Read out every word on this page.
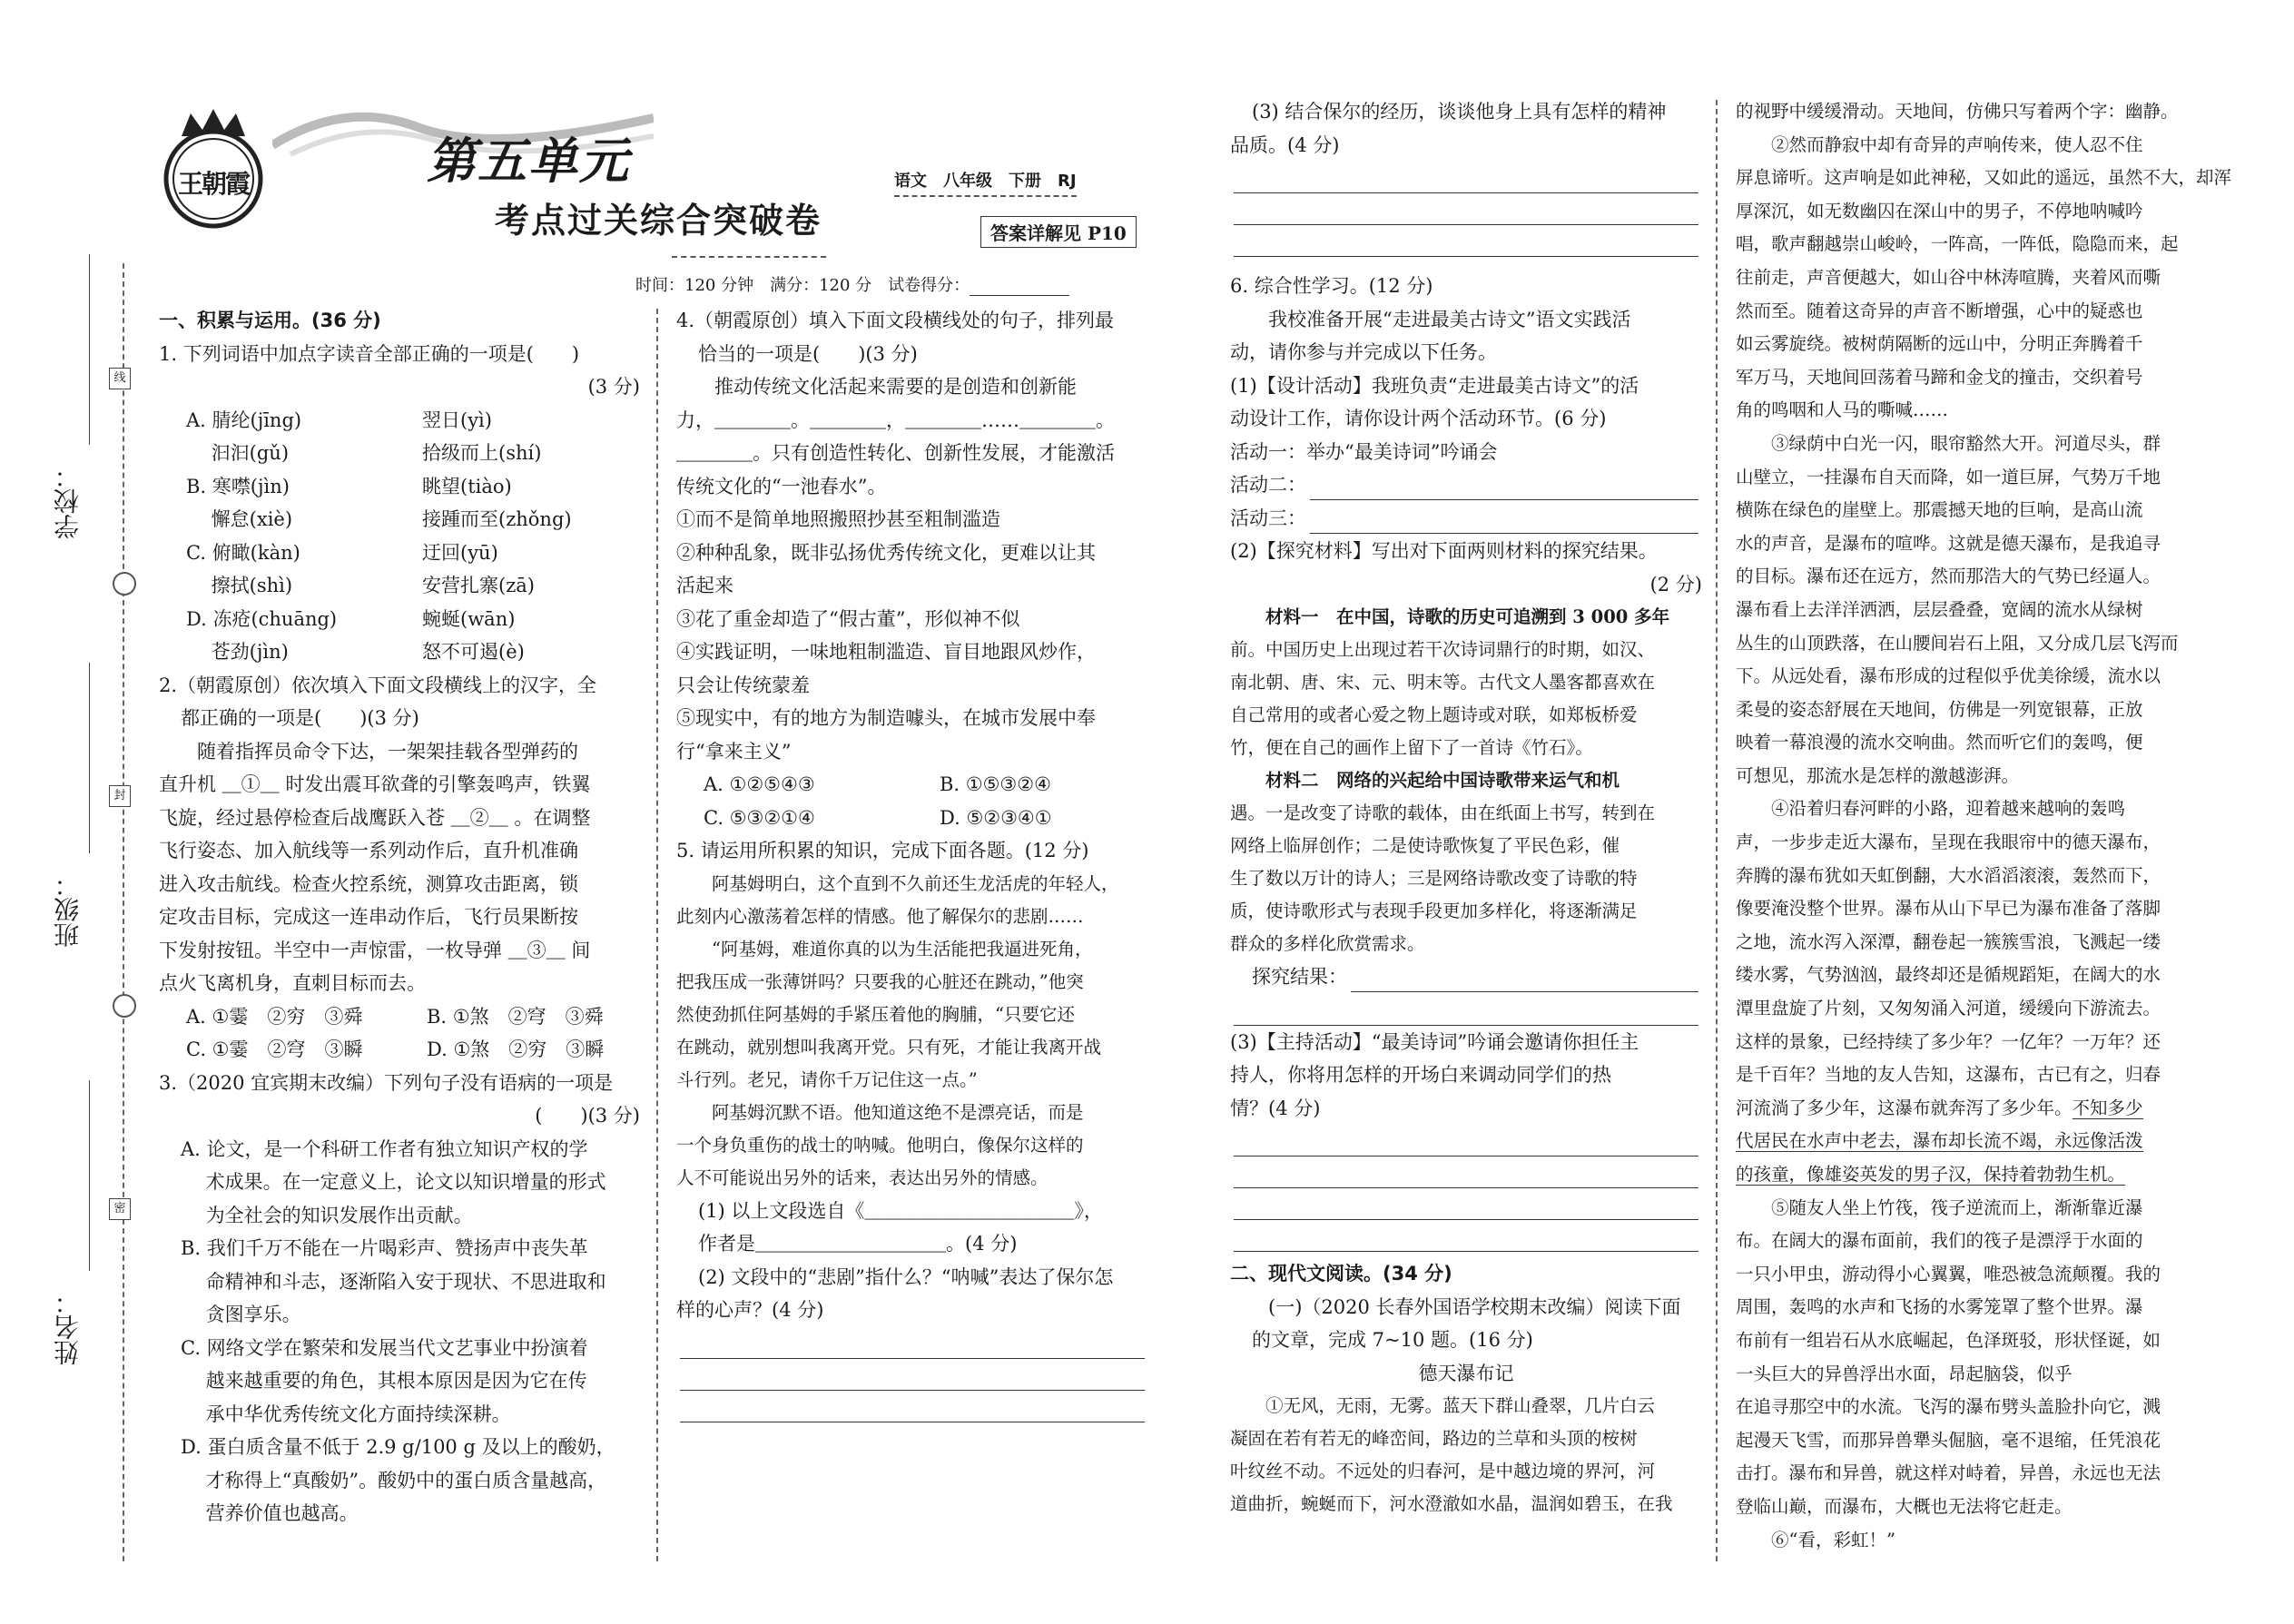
学校：
班级：
姓名：
线
封
密
王朝霞	第五单元
考点过关综合突破卷
语文　八年级　下册　RJ
答案详解见 P10
时间：120 分钟　满分：120 分　试卷得分：

一、积累与运用。(36 分)

1. 下列词语中加点字读音全部正确的一项是(　　)

(3 分)

A. 腈纶(jīng)	翌日(yì)
　 汩汩(gǔ)	拾级而上(shí)
B. 寒噤(jìn)	眺望(tiào)
　 懈怠(xiè)	接踵而至(zhǒng)
C. 俯瞰(kàn)	迂回(yū)
　 擦拭(shì)	安营扎寨(zā)
D. 冻疮(chuāng)	蜿蜒(wān)
　 苍劲(jìn)	怒不可遏(è)

2.（朝霞原创）依次填入下面文段横线上的汉字，全

都正确的一项是(　　)(3 分)

随着指挥员命令下达，一架架挂载各型弹药的

直升机 ＿①＿ 时发出震耳欲聋的引擎轰鸣声，铁翼

飞旋，经过悬停检查后战鹰跃入苍 ＿②＿ 。在调整

飞行姿态、加入航线等一系列动作后，直升机准确

进入攻击航线。检查火控系统，测算攻击距离，锁

定攻击目标，完成这一连串动作后，飞行员果断按

下发射按钮。半空中一声惊雷，一枚导弹 ＿③＿ 间

点火飞离机身，直刺目标而去。

A. ①霎　②穷　③舜	B. ①煞　②穹　③舜
C. ①霎　②穹　③瞬	D. ①煞　②穷　③瞬

3.（2020 宜宾期末改编）下列句子没有语病的一项是

(　　)(3 分)

A. 论文，是一个科研工作者有独立知识产权的学

　 术成果。在一定意义上，论文以知识增量的形式

　 为全社会的知识发展作出贡献。

B. 我们千万不能在一片喝彩声、赞扬声中丧失革

　 命精神和斗志，逐渐陷入安于现状、不思进取和

　 贪图享乐。

C. 网络文学在繁荣和发展当代文艺事业中扮演着

　 越来越重要的角色，其根本原因是因为它在传

　 承中华优秀传统文化方面持续深耕。

D. 蛋白质含量不低于 2.9 g/100 g 及以上的酸奶，

　 才称得上“真酸奶”。酸奶中的蛋白质含量越高，

　 营养价值也越高。

4.（朝霞原创）填入下面文段横线处的句子，排列最

恰当的一项是(　　)(3 分)

推动传统文化活起来需要的是创造和创新能

力，＿＿＿＿。＿＿＿＿，＿＿＿＿……＿＿＿＿。

＿＿＿＿。只有创造性转化、创新性发展，才能激活

传统文化的“一池春水”。

①而不是简单地照搬照抄甚至粗制滥造

②种种乱象，既非弘扬优秀传统文化，更难以让其

活起来

③花了重金却造了“假古董”，形似神不似

④实践证明，一味地粗制滥造、盲目地跟风炒作，

只会让传统蒙羞

⑤现实中，有的地方为制造噱头，在城市发展中奉

行“拿来主义”

A. ①②⑤④③	B. ①⑤③②④
C. ⑤③②①④	D. ⑤②③④①

5. 请运用所积累的知识，完成下面各题。(12 分)

阿基姆明白，这个直到不久前还生龙活虎的年轻人，

此刻内心激荡着怎样的情感。他了解保尔的悲剧……

“阿基姆，难道你真的以为生活能把我逼进死角，

把我压成一张薄饼吗？只要我的心脏还在跳动，”他突

然使劲抓住阿基姆的手紧压着他的胸脯，“只要它还

在跳动，就别想叫我离开党。只有死，才能让我离开战

斗行列。老兄，请你千万记住这一点。”

阿基姆沉默不语。他知道这绝不是漂亮话，而是

一个身负重伤的战士的呐喊。他明白，像保尔这样的

人不可能说出另外的话来，表达出另外的情感。

(1) 以上文段选自《＿＿＿＿＿＿＿＿＿＿＿》，

作者是＿＿＿＿＿＿＿＿＿＿。(4 分)

(2) 文段中的“悲剧”指什么？“呐喊”表达了保尔怎

样的心声？(4 分)

(3) 结合保尔的经历，谈谈他身上具有怎样的精神

品质。(4 分)

6. 综合性学习。(12 分)

我校准备开展“走进最美古诗文”语文实践活

动，请你参与并完成以下任务。

(1)【设计活动】我班负责“走进最美古诗文”的活

动设计工作，请你设计两个活动环节。(6 分)

活动一：举办“最美诗词”吟诵会

活动二：
活动三：

(2)【探究材料】写出对下面两则材料的探究结果。

(2 分)

材料一　在中国，诗歌的历史可追溯到 3 000 多年

前。中国历史上出现过若干次诗词鼎行的时期，如汉、

南北朝、唐、宋、元、明末等。古代文人墨客都喜欢在

自己常用的或者心爱之物上题诗或对联，如郑板桥爱

竹，便在自己的画作上留下了一首诗《竹石》。

材料二　网络的兴起给中国诗歌带来运气和机

遇。一是改变了诗歌的载体，由在纸面上书写，转到在

网络上临屏创作；二是使诗歌恢复了平民色彩，催

生了数以万计的诗人；三是网络诗歌改变了诗歌的特

质，使诗歌形式与表现手段更加多样化，将逐渐满足

群众的多样化欣赏需求。

探究结果：

(3)【主持活动】“最美诗词”吟诵会邀请你担任主

持人，你将用怎样的开场白来调动同学们的热

情？(4 分)

二、现代文阅读。(34 分)

(一)（2020 长春外国语学校期末改编）阅读下面

的文章，完成 7~10 题。(16 分)

德天瀑布记

①无风，无雨，无雾。蓝天下群山叠翠，几片白云

凝固在若有若无的峰峦间，路边的兰草和头顶的桉树

叶纹丝不动。不远处的归春河，是中越边境的界河，河

道曲折，蜿蜒而下，河水澄澈如水晶，温润如碧玉，在我

的视野中缓缓滑动。天地间，仿佛只写着两个字：幽静。

　　②然而静寂中却有奇异的声响传来，使人忍不住

屏息谛听。这声响是如此神秘，又如此的遥远，虽然不大，却浑

厚深沉，如无数幽囚在深山中的男子，不停地呐喊吟

唱，歌声翻越崇山峻岭，一阵高，一阵低，隐隐而来，起

往前走，声音便越大，如山谷中林涛喧腾，夹着风而嘶

然而至。随着这奇异的声音不断增强，心中的疑惑也

如云雾旋绕。被树荫隔断的远山中，分明正奔腾着千

军万马，天地间回荡着马蹄和金戈的撞击，交织着号

角的鸣咽和人马的嘶喊……

　　③绿荫中白光一闪，眼帘豁然大开。河道尽头，群

山壁立，一挂瀑布自天而降，如一道巨屏，气势万千地

横陈在绿色的崖壁上。那震撼天地的巨响，是高山流

水的声音，是瀑布的喧哗。这就是德天瀑布，是我追寻

的目标。瀑布还在远方，然而那浩大的气势已经逼人。

瀑布看上去洋洋洒洒，层层叠叠，宽阔的流水从绿树

丛生的山顶跌落，在山腰间岩石上阻，又分成几层飞泻而

下。从远处看，瀑布形成的过程似乎优美徐缓，流水以

柔曼的姿态舒展在天地间，仿佛是一列宽银幕，正放

映着一幕浪漫的流水交响曲。然而听它们的轰鸣，便

可想见，那流水是怎样的激越澎湃。

　　④沿着归春河畔的小路，迎着越来越响的轰鸣

声，一步步走近大瀑布，呈现在我眼帘中的德天瀑布，

奔腾的瀑布犹如天虹倒翻，大水滔滔滚滚，轰然而下，

像要淹没整个世界。瀑布从山下早已为瀑布准备了落脚

之地，流水泻入深潭，翻卷起一簇簇雪浪，飞溅起一缕

缕水雾，气势汹汹，最终却还是循规蹈矩，在阔大的水

潭里盘旋了片刻，又匆匆涌入河道，缓缓向下游流去。

这样的景象，已经持续了多少年？一亿年？一万年？还

是千百年？当地的友人告知，这瀑布，古已有之，归春

河流淌了多少年，这瀑布就奔泻了多少年。不知多少

代居民在水声中老去，瀑布却长流不竭，永远像活泼

的孩童，像雄姿英发的男子汉，保持着勃勃生机。

　　⑤随友人坐上竹筏，筏子逆流而上，渐渐靠近瀑

布。在阔大的瀑布面前，我们的筏子是漂浮于水面的

一只小甲虫，游动得小心翼翼，唯恐被急流颠覆。我的

周围，轰鸣的水声和飞扬的水雾笼罩了整个世界。瀑

布前有一组岩石从水底崛起，色泽斑驳，形状怪诞，如

一头巨大的异兽浮出水面，昂起脑袋，似乎

在追寻那空中的水流。飞泻的瀑布劈头盖脸扑向它，溅

起漫天飞雪，而那异兽犟头倔脑，毫不退缩，任凭浪花

击打。瀑布和异兽，就这样对峙着，异兽，永远也无法

登临山巅，而瀑布，大概也无法将它赶走。

　　⑥“看，彩虹！”
